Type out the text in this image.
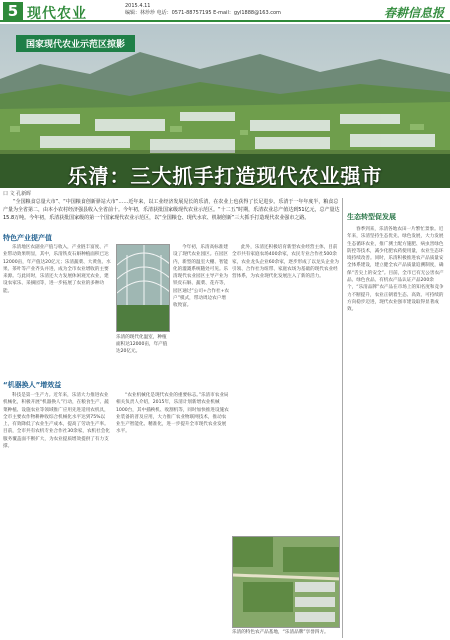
5 现代农业	2015.4.11
编辑：林珍珍 电话：0571-88757195 E-mail：gyl1888@163.com	春耕信息报
国家现代农业示范区掠影
乐清：三大抓手打造现代农业强市
口 文 孔新晖
“全国粮食总量大市”、“中国粮食创新驿站大市”……近年来，以工业经济发展见长的乐清，在农业上也获得了长足进步。乐清于一年年度半，粮食总产量为全省第二，由本小农村经济强县收入全省前十。今年初，乐清获批国家级现代农业示范区。“十二五”时期，乐清农业总产值达到51亿元，总产量达15.8万吨。今年初，乐清获批国家级的第一个国家现代农业示范区，以“全国粮仓、现代水农、机制创新”三大抓手打造现代农业强市之路。
特色产业提产值
乐清地区农副业产值与收入，产业链丰富度、产业带动效果明显，其中，乐清铁皮石斛种植面积已达12000亩，年产值达20亿元；乐清蔬菜、大黄鱼、水果、茶叶等产业齐头并进，成为全市农业增收的主要来源。与此同时，乐清还大力发展休闲观光农业，建设农家乐、采摘园等，进一步拓展了农业的多种功能。
“机器换人”增效益
科技是第一生产力。近年来，乐清大力推进农业机械化，积极开展“机器换人”行动，在粮食生产、蔬菜种植、设施农业等领域推广应用先进适用农机具，全市主要农作物耕种收综合机械化水平达到75%以上，有效降低了农业生产成本，提高了劳动生产率。目前，全市共有农机专业合作社30余家，农机社会化服务覆盖面不断扩大，为农业提质增效提供了有力支撑。
乐清的现代化温室，种植面积达12000亩，年产值达20亿元。
今年初，乐清高标准建设了现代农业园区。在园区内，新型的温室大棚、智能化的灌溉系统随处可见。乐清现代农业园区主导产业为铁皮石斛、蔬菜、花卉等，园区通过“公司+合作社+农户”模式，带动周边农户增收致富。
“农业机械化是现代农业的重要标志。”乐清市农业局相关负责人介绍，2015年，乐清计划新增农业机械1000台，其中插秧机、收割机等，同时加快推进设施农业装备的普及应用，大力推广农业物联网技术，推动农业生产智能化、精准化，进一步提升全市现代农业发展水平。
此外，乐清还积极培育新型农业经营主体，目前全市共有家庭农场400余家，农民专业合作社500余家，农业龙头企业60余家，逐步形成了以龙头企业为引领、合作社为纽带、家庭农场为基础的现代农业经营体系，为农业现代化发展注入了新的活力。
乐清的特色农产品基地，“乐清品牌”享誉四方。
生态转型促发展
春季到来，乐清各地农田一片繁忙景象。近年来，乐清坚持生态优先、绿色发展，大力发展生态循环农业，推广测土配方施肥、病虫害绿色防控等技术，减少化肥农药使用量，农业生态环境持续改善。同时，乐清积极推进农产品质量安全体系建设，建立健全农产品质量追溯制度，确保“舌尖上的安全”。目前，全市已有无公害农产品、绿色食品、有机农产品认证产品200余个，“乐清品牌”农产品在市场上的知名度和竞争力不断提升，农业正朝着生态、高效、可持续的方向稳步迈进，现代农业强市建设取得显著成效。
